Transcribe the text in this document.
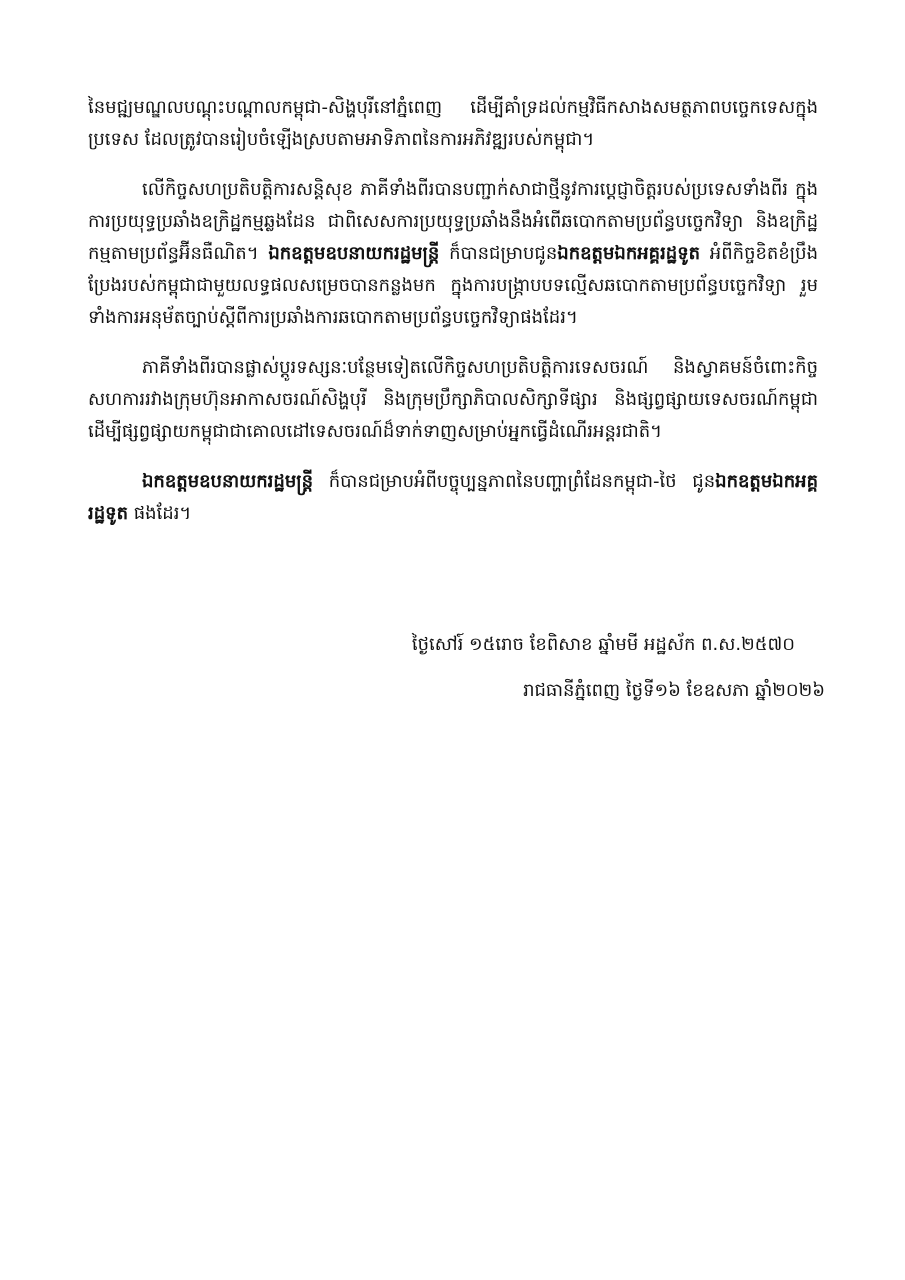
នៃមជ្ឍមណ្ឌលបណ្តុះបណ្តាលកម្ពុជា-សិង្ហបុរីនៅភ្នំពេញ ដើម្បីគាំទ្រដល់កម្មវិធីកសាងសមត្ថភាពបច្ចេកទេសក្នុងប្រទេស ដែលត្រូវបានរៀបចំឡើងស្របតាមអាទិភាពនៃការអភិវឌ្ឍរបស់កម្ពុជា។

លើកិច្ចសហប្រតិបត្តិការសន្តិសុខ ភាគីទាំងពីរបានបញ្ជាក់សាជាថ្មីនូវការប្តេជ្ញាចិត្តរបស់ប្រទេសទាំងពីរ ក្នុងការប្រយុទ្ធប្រឆាំងឧក្រិដ្ឋកម្មឆ្លងដែន ជាពិសេសការប្រយុទ្ធប្រឆាំងនឹងអំពើឆបោកតាមប្រព័ន្ធបច្ចេកវិទ្យា និងឧក្រិដ្ឋកម្មតាមប្រព័ន្ធអ៊ីនធឺណិត។ ឯកឧត្តមឧបនាយករដ្ឋមន្ត្រី ក៏បានជម្រាបជូនឯកឧត្តមឯកអគ្គរដ្ឋទូត អំពីកិច្ចខិតខំប្រឹងប្រែងរបស់កម្ពុជាជាមួយលទ្ធផលសម្រេចបានកន្លងមក ក្នុងការបង្ក្រាបបទល្មើសឆបោកតាមប្រព័ន្ធបច្ចេកវិទ្យា រួមទាំងការអនុម័តច្បាប់ស្តីពីការប្រឆាំងការឆបោកតាមប្រព័ន្ធបច្ចេកវិទ្យាផងដែរ។

ភាគីទាំងពីរបានផ្លាស់ប្តូរទស្សនៈបន្ថែមទៀតលើកិច្ចសហប្រតិបត្តិការទេសចរណ៍ និងស្វាគមន៍ចំពោះកិច្ចសហការរវាងក្រុមហ៊ុនអាកាសចរណ៍សិង្ហបុរី និងក្រុមប្រឹក្សាភិបាលសិក្សាទីផ្សារ និងផ្សព្វផ្សាយទេសចរណ៍កម្ពុជា ដើម្បីផ្សព្វផ្សាយកម្ពុជាជាគោលដៅទេសចរណ៍ដ៏ទាក់ទាញសម្រាប់អ្នកធ្វើដំណើរអន្តរជាតិ។

ឯកឧត្តមឧបនាយករដ្ឋមន្ត្រី ក៏បានជម្រាបអំពីបច្ចុប្បន្នភាពនៃបញ្ហាព្រំដែនកម្ពុជា-ថៃ ជូនឯកឧត្តមឯកអគ្គរដ្ឋទូត ផងដែរ។

ថ្ងៃសៅរ៍ ១៥រោច ខែពិសាខ ឆ្នាំមមី អដ្ឋស័ក ព.ស.២៥៧០
រាជធានីភ្នំពេញ ថ្ងៃទី១៦ ខែឧសភា ឆ្នាំ២០២៦
